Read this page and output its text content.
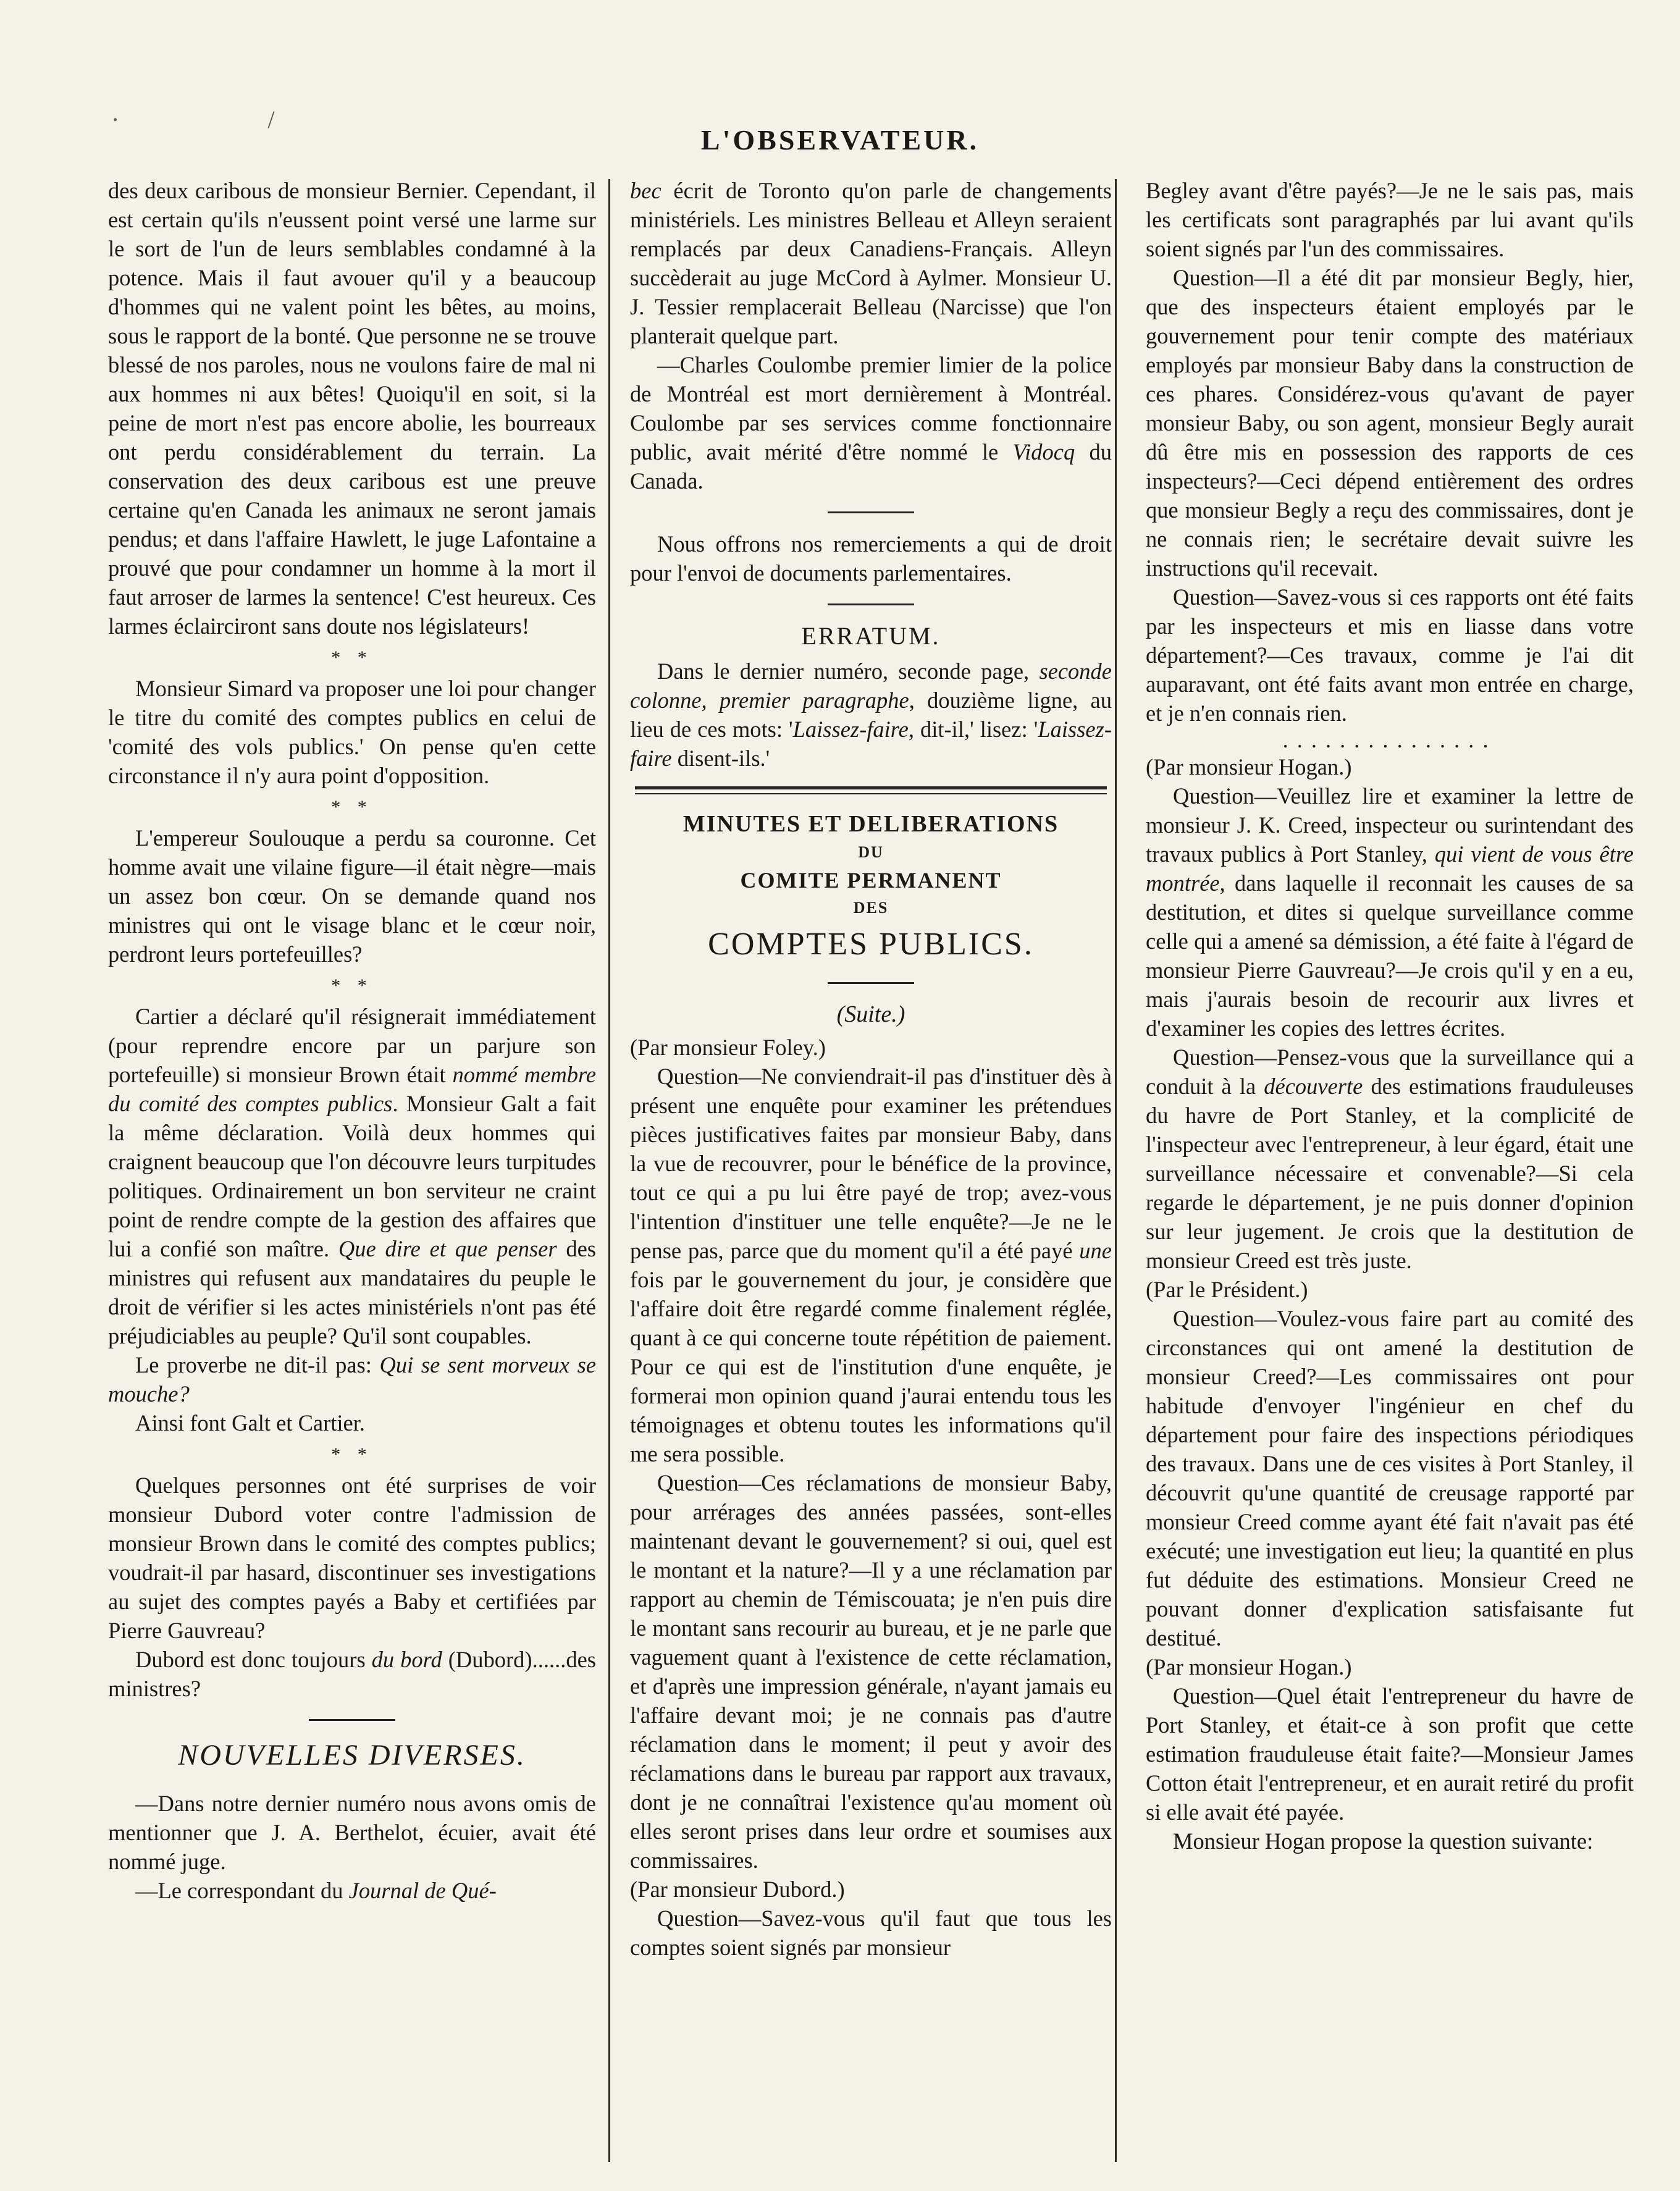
·                        /
L'OBSERVATEUR.

des deux caribous de monsieur Bernier. Cependant, il est certain qu'ils n'eussent point versé une larme sur le sort de l'un de leurs semblables condamné à la potence. Mais il faut avouer qu'il y a beaucoup d'hommes qui ne valent point les bêtes, au moins, sous le rapport de la bonté. Que personne ne se trouve blessé de nos paroles, nous ne voulons faire de mal ni aux hommes ni aux bêtes! Quoiqu'il en soit, si la peine de mort n'est pas encore abolie, les bourreaux ont perdu considérablement du terrain. La conservation des deux caribous est une preuve certaine qu'en Canada les animaux ne seront jamais pendus; et dans l'affaire Hawlett, le juge Lafontaine a prouvé que pour condamner un homme à la mort il faut arroser de larmes la sentence! C'est heureux. Ces larmes éclairciront sans doute nos législateurs!

* *

Monsieur Simard va proposer une loi pour changer le titre du comité des comptes publics en celui de 'comité des vols publics.' On pense qu'en cette circonstance il n'y aura point d'opposition.

* *

L'empereur Soulouque a perdu sa couronne. Cet homme avait une vilaine figure—il était nègre—mais un assez bon cœur. On se demande quand nos ministres qui ont le visage blanc et le cœur noir, perdront leurs portefeuilles?

* *

Cartier a déclaré qu'il résignerait immédiatement (pour reprendre encore par un parjure son portefeuille) si monsieur Brown était nommé membre du comité des comptes publics. Monsieur Galt a fait la même déclaration. Voilà deux hommes qui craignent beaucoup que l'on découvre leurs turpitudes politiques. Ordinairement un bon serviteur ne craint point de rendre compte de la gestion des affaires que lui a confié son maître. Que dire et que penser des ministres qui refusent aux mandataires du peuple le droit de vérifier si les actes ministériels n'ont pas été préjudiciables au peuple? Qu'il sont coupables.

Le proverbe ne dit-il pas: Qui se sent morveux se mouche?

Ainsi font Galt et Cartier.

* *

Quelques personnes ont été surprises de voir monsieur Dubord voter contre l'admission de monsieur Brown dans le comité des comptes publics; voudrait-il par hasard, discontinuer ses investigations au sujet des comptes payés a Baby et certifiées par Pierre Gauvreau?

Dubord est donc toujours du bord (Dubord)......des ministres?

NOUVELLES DIVERSES.

—Dans notre dernier numéro nous avons omis de mentionner que J. A. Berthelot, écuier, avait été nommé juge.

—Le correspondant du Journal de Qué-

bec écrit de Toronto qu'on parle de changements ministériels. Les ministres Belleau et Alleyn seraient remplacés par deux Canadiens-Français. Alleyn succèderait au juge McCord à Aylmer. Monsieur U. J. Tessier remplacerait Belleau (Narcisse) que l'on planterait quelque part.

—Charles Coulombe premier limier de la police de Montréal est mort dernièrement à Montréal. Coulombe par ses services comme fonctionnaire public, avait mérité d'être nommé le Vidocq du Canada.

Nous offrons nos remerciements a qui de droit pour l'envoi de documents parlementaires.

ERRATUM.

Dans le dernier numéro, seconde page, seconde colonne, premier paragraphe, douzième ligne, au lieu de ces mots: 'Laissez-faire, dit-il,' lisez: 'Laissez-faire disent-ils.'

MINUTES ET DELIBERATIONS
DU
COMITE PERMANENT
DES
COMPTES PUBLICS.
(Suite.)

(Par monsieur Foley.)

Question—Ne conviendrait-il pas d'instituer dès à présent une enquête pour examiner les prétendues pièces justificatives faites par monsieur Baby, dans la vue de recouvrer, pour le bénéfice de la province, tout ce qui a pu lui être payé de trop; avez-vous l'intention d'instituer une telle enquête?—Je ne le pense pas, parce que du moment qu'il a été payé une fois par le gouvernement du jour, je considère que l'affaire doit être regardé comme finalement réglée, quant à ce qui concerne toute répétition de paiement. Pour ce qui est de l'institution d'une enquête, je formerai mon opinion quand j'aurai entendu tous les témoignages et obtenu toutes les informations qu'il me sera possible.

Question—Ces réclamations de monsieur Baby, pour arrérages des années passées, sont-elles maintenant devant le gouvernement? si oui, quel est le montant et la nature?—Il y a une réclamation par rapport au chemin de Témiscouata; je n'en puis dire le montant sans recourir au bureau, et je ne parle que vaguement quant à l'existence de cette réclamation, et d'après une impression générale, n'ayant jamais eu l'affaire devant moi; je ne connais pas d'autre réclamation dans le moment; il peut y avoir des réclamations dans le bureau par rapport aux travaux, dont je ne connaîtrai l'existence qu'au moment où elles seront prises dans leur ordre et soumises aux commissaires.

(Par monsieur Dubord.)

Question—Savez-vous qu'il faut que tous les comptes soient signés par monsieur

Begley avant d'être payés?—Je ne le sais pas, mais les certificats sont paragraphés par lui avant qu'ils soient signés par l'un des commissaires.

Question—Il a été dit par monsieur Begly, hier, que des inspecteurs étaient employés par le gouvernement pour tenir compte des matériaux employés par monsieur Baby dans la construction de ces phares. Considérez-vous qu'avant de payer monsieur Baby, ou son agent, monsieur Begly aurait dû être mis en possession des rapports de ces inspecteurs?—Ceci dépend entièrement des ordres que monsieur Begly a reçu des commissaires, dont je ne connais rien; le secrétaire devait suivre les instructions qu'il recevait.

Question—Savez-vous si ces rapports ont été faits par les inspecteurs et mis en liasse dans votre département?—Ces travaux, comme je l'ai dit auparavant, ont été faits avant mon entrée en charge, et je n'en connais rien.

...............

(Par monsieur Hogan.)

Question—Veuillez lire et examiner la lettre de monsieur J. K. Creed, inspecteur ou surintendant des travaux publics à Port Stanley, qui vient de vous être montrée, dans laquelle il reconnait les causes de sa destitution, et dites si quelque surveillance comme celle qui a amené sa démission, a été faite à l'égard de monsieur Pierre Gauvreau?—Je crois qu'il y en a eu, mais j'aurais besoin de recourir aux livres et d'examiner les copies des lettres écrites.

Question—Pensez-vous que la surveillance qui a conduit à la découverte des estimations frauduleuses du havre de Port Stanley, et la complicité de l'inspecteur avec l'entrepreneur, à leur égard, était une surveillance nécessaire et convenable?—Si cela regarde le département, je ne puis donner d'opinion sur leur jugement. Je crois que la destitution de monsieur Creed est très juste.

(Par le Président.)

Question—Voulez-vous faire part au comité des circonstances qui ont amené la destitution de monsieur Creed?—Les commissaires ont pour habitude d'envoyer l'ingénieur en chef du département pour faire des inspections périodiques des travaux. Dans une de ces visites à Port Stanley, il découvrit qu'une quantité de creusage rapporté par monsieur Creed comme ayant été fait n'avait pas été exécuté; une investigation eut lieu; la quantité en plus fut déduite des estimations. Monsieur Creed ne pouvant donner d'explication satisfaisante fut destitué.

(Par monsieur Hogan.)

Question—Quel était l'entrepreneur du havre de Port Stanley, et était-ce à son profit que cette estimation frauduleuse était faite?—Monsieur James Cotton était l'entrepreneur, et en aurait retiré du profit si elle avait été payée.

Monsieur Hogan propose la question suivante:
